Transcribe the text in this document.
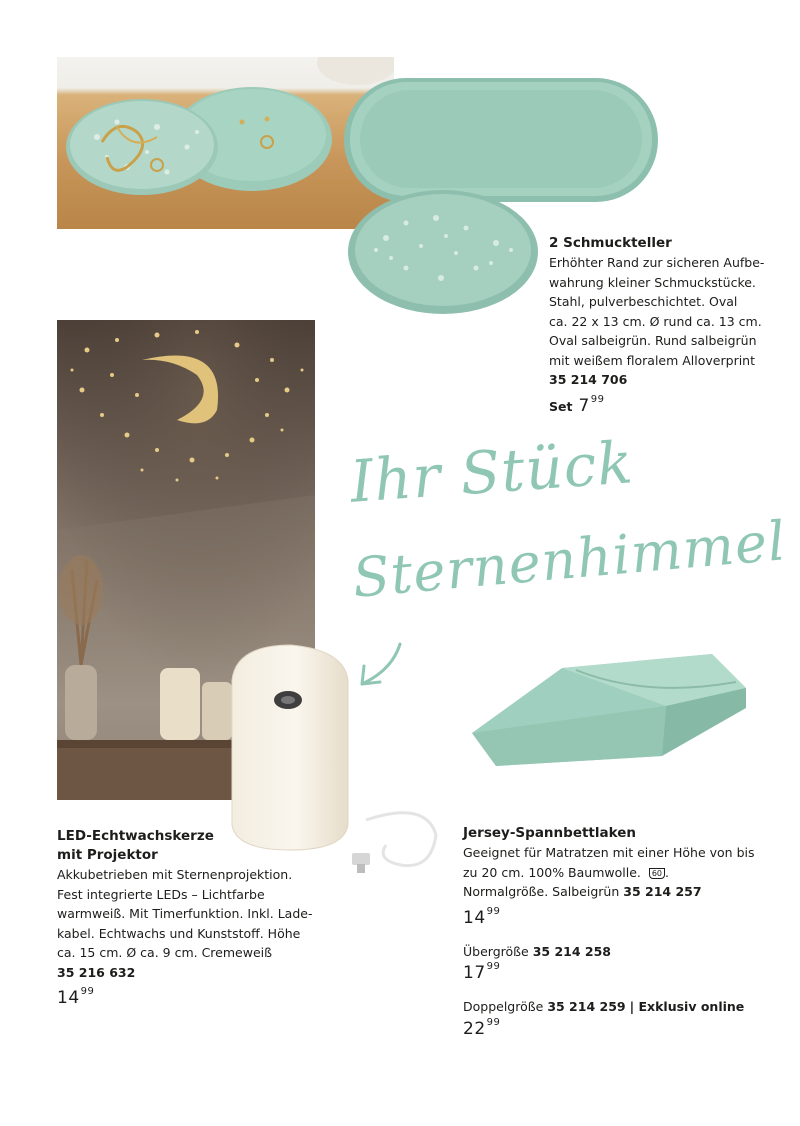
2 Schmuckteller
Erhöhter Rand zur sicheren Aufbe-
wahrung kleiner Schmuckstücke.
Stahl, pulverbeschichtet. Oval
ca. 22 x 13 cm. Ø rund ca. 13 cm.
Oval salbeigrün. Rund salbeigrün
mit weißem floralem Alloverprint
35 214 706
Set $7^{99}$
Ihr Stück
Sternenhimmel
LED-Echtwachskerze
mit Projektor
Akkubetrieben mit Sternenprojektion.
Fest integrierte LEDs – Lichtfarbe
warmweiß. Mit Timerfunktion. Inkl. Lade-
kabel. Echtwachs und Kunststoff. Höhe
ca. 15 cm. Ø ca. 9 cm. Cremeweiß
35 216 632
$14^{99}$
Jersey-Spannbettlaken
Geeignet für Matratzen mit einer Höhe von bis
zu 20 cm. 100% Baumwolle. 60 .
Normalgröße. Salbeigrün 35 214 257
$14^{99}$
Übergröße 35 214 258
$17^{99}$
Doppelgröße 35 214 259 | Exklusiv online
$22^{99}$
